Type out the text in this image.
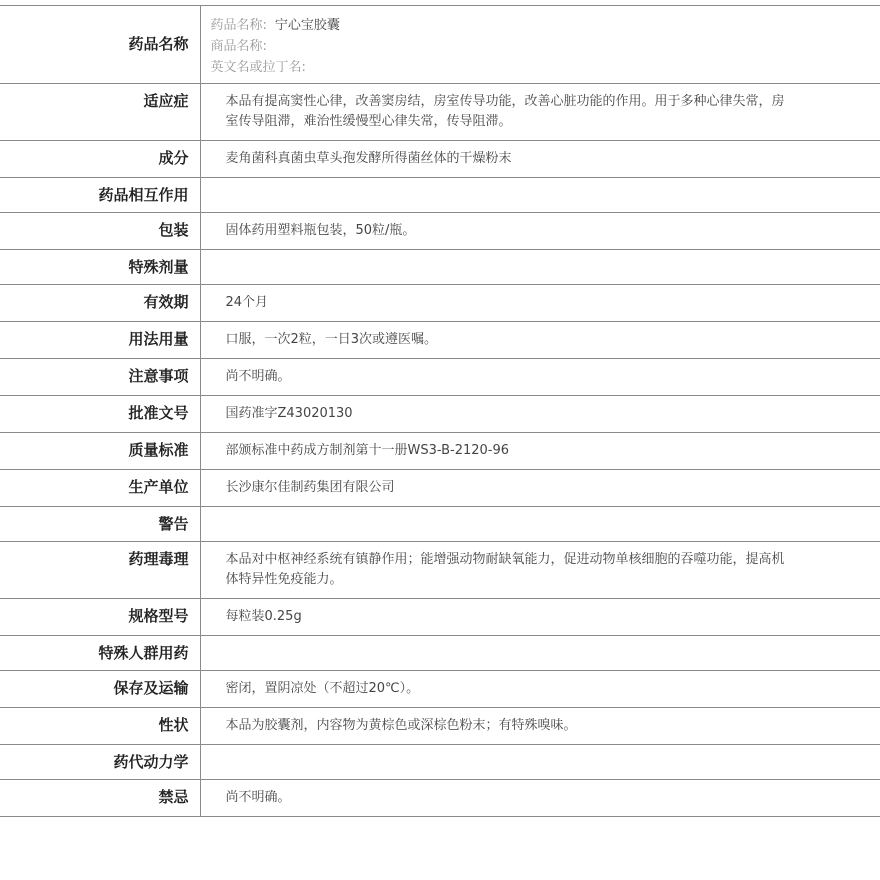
药品名称	药品名称: 宁心宝胶囊
商品名称:
英文名或拉丁名:

适应症	本品有提高窦性心律，改善窦房结，房室传导功能，改善心脏功能的作用。用于多种心律失常，房室传导阻滞，难治性缓慢型心律失常，传导阻滞。
成分	麦角菌科真菌虫草头孢发酵所得菌丝体的干燥粉末
药品相互作用	
包装	固体药用塑料瓶包装，50粒/瓶。
特殊剂量	
有效期	24个月
用法用量	口服，一次2粒，一日3次或遵医嘱。
注意事项	尚不明确。
批准文号	国药准字Z43020130
质量标准	部颁标准中药成方制剂第十一册WS3-B-2120-96
生产单位	长沙康尔佳制药集团有限公司
警告	
药理毒理	本品对中枢神经系统有镇静作用；能增强动物耐缺氧能力，促进动物单核细胞的吞噬功能，提高机体特异性免疫能力。
规格型号	每粒装0.25g
特殊人群用药	
保存及运输	密闭，置阴凉处（不超过20℃）。
性状	本品为胶囊剂，内容物为黄棕色或深棕色粉末；有特殊嗅味。
药代动力学	
禁忌	尚不明确。
